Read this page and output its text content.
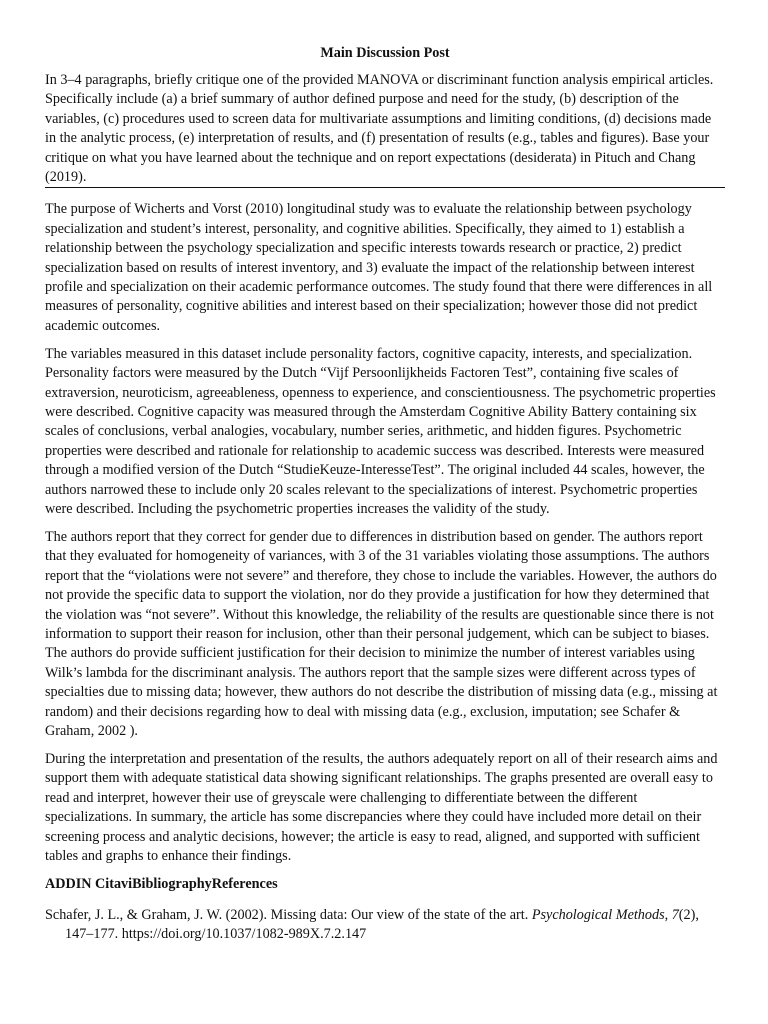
Main Discussion Post
In 3–4 paragraphs, briefly critique one of the provided MANOVA or discriminant function analysis empirical articles. Specifically include (a) a brief summary of author defined purpose and need for the study, (b) description of the variables, (c) procedures used to screen data for multivariate assumptions and limiting conditions, (d) decisions made in the analytic process, (e) interpretation of results, and (f) presentation of results (e.g., tables and figures). Base your critique on what you have learned about the technique and on report expectations (desiderata) in Pituch and Chang (2019).
The purpose of Wicherts and Vorst (2010) longitudinal study was to evaluate the relationship between psychology specialization and student’s interest, personality, and cognitive abilities. Specifically, they aimed to 1) establish a relationship between the psychology specialization and specific interests towards research or practice, 2) predict specialization based on results of interest inventory, and 3) evaluate the impact of the relationship between interest profile and specialization on their academic performance outcomes. The study found that there were differences in all measures of personality, cognitive abilities and interest based on their specialization; however those did not predict academic outcomes.
The variables measured in this dataset include personality factors, cognitive capacity, interests, and specialization. Personality factors were measured by the Dutch “Vijf Persoonlijkheids Factoren Test”, containing five scales of extraversion, neuroticism, agreeableness, openness to experience, and conscientiousness. The psychometric properties were described. Cognitive capacity was measured through the Amsterdam Cognitive Ability Battery containing six scales of conclusions, verbal analogies, vocabulary, number series, arithmetic, and hidden figures. Psychometric properties were described and rationale for relationship to academic success was described. Interests were measured through a modified version of the Dutch “StudieKeuze-InteresseTest”. The original included 44 scales, however, the authors narrowed these to include only 20 scales relevant to the specializations of interest. Psychometric properties were described. Including the psychometric properties increases the validity of the study.
The authors report that they correct for gender due to differences in distribution based on gender. The authors report that they evaluated for homogeneity of variances, with 3 of the 31 variables violating those assumptions. The authors report that the “violations were not severe” and therefore, they chose to include the variables. However, the authors do not provide the specific data to support the violation, nor do they provide a justification for how they determined that the violation was “not severe”. Without this knowledge, the reliability of the results are questionable since there is not information to support their reason for inclusion, other than their personal judgement, which can be subject to biases. The authors do provide sufficient justification for their decision to minimize the number of interest variables using Wilk’s lambda for the discriminant analysis. The authors report that the sample sizes were different across types of specialties due to missing data; however, thew authors do not describe the distribution of missing data (e.g., missing at random) and their decisions regarding how to deal with missing data (e.g., exclusion, imputation; see Schafer & Graham, 2002 ).
During the interpretation and presentation of the results, the authors adequately report on all of their research aims and support them with adequate statistical data showing significant relationships. The graphs presented are overall easy to read and interpret, however their use of greyscale were challenging to differentiate between the different specializations. In summary, the article has some discrepancies where they could have included more detail on their screening process and analytic decisions, however; the article is easy to read, aligned, and supported with sufficient tables and graphs to enhance their findings.
ADDIN CitaviBibliographyReferences
Schafer, J. L., & Graham, J. W. (2002). Missing data: Our view of the state of the art. Psychological Methods, 7(2), 147–177. https://doi.org/10.1037/1082-989X.7.2.147
